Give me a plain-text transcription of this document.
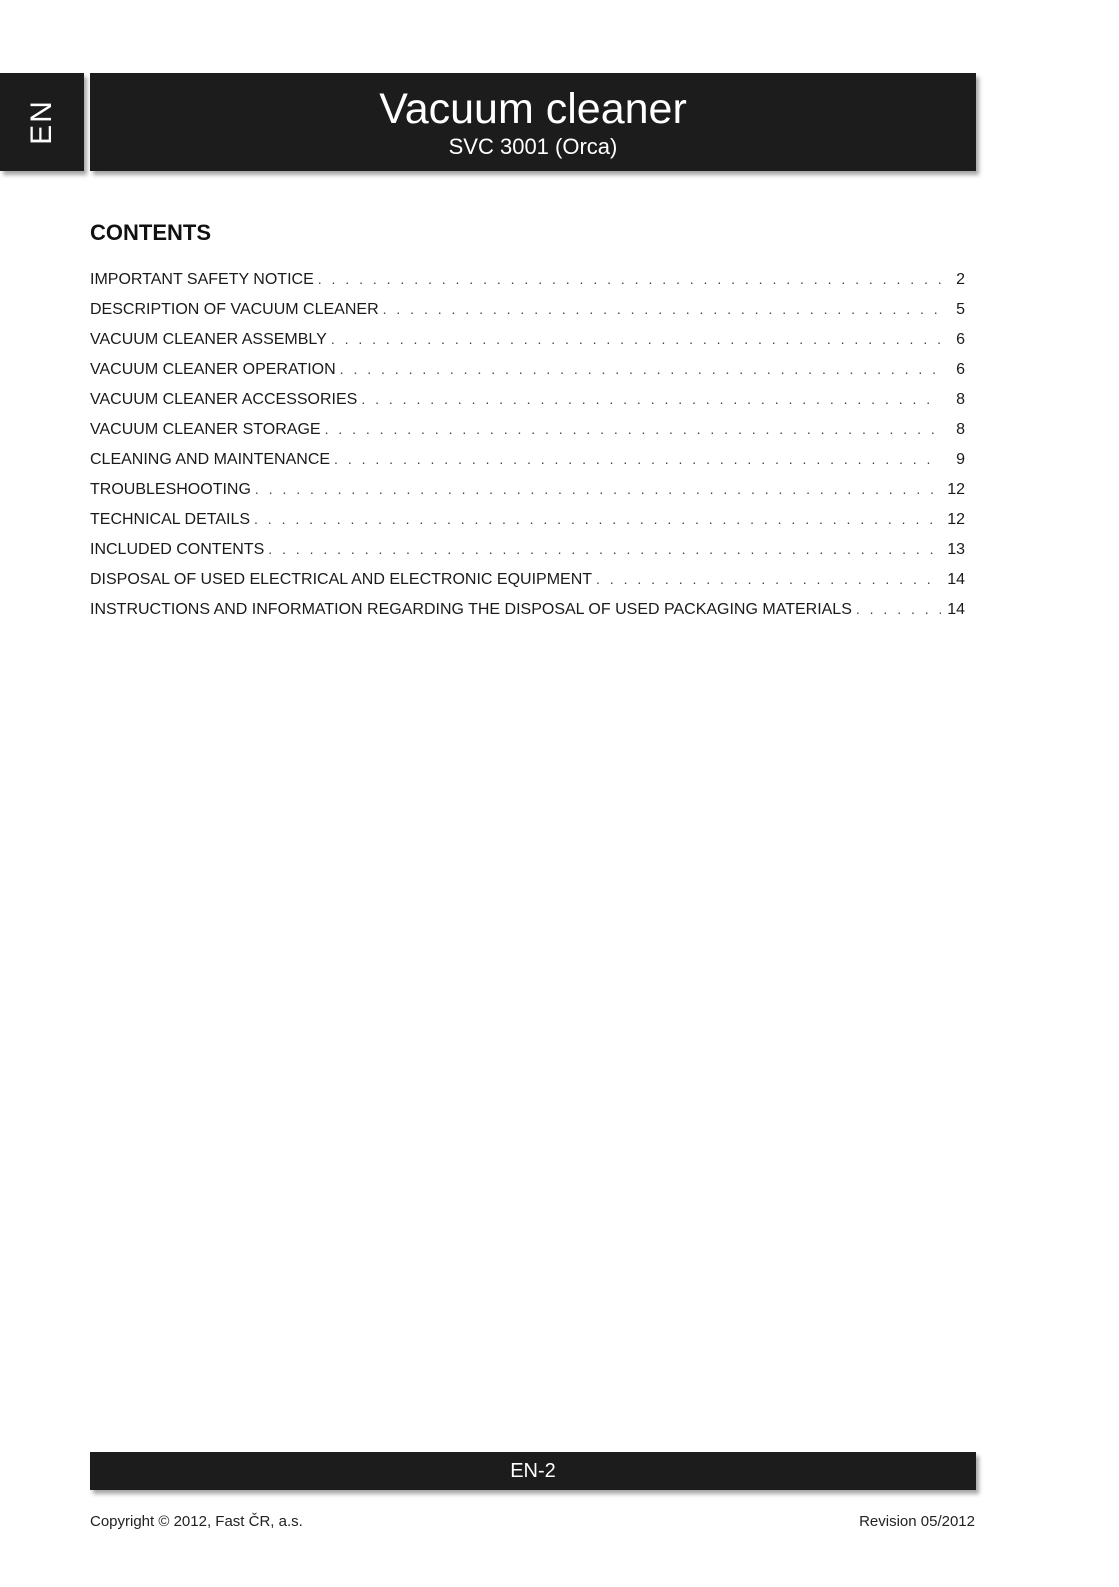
EN	Vacuum cleaner
SVC 3001 (Orca)
CONTENTS
IMPORTANT SAFETY NOTICE . . .	2
DESCRIPTION OF VACUUM CLEANER . . .	5
VACUUM CLEANER ASSEMBLY . . .	6
VACUUM CLEANER OPERATION . . .	6
VACUUM CLEANER ACCESSORIES . . .	8
VACUUM CLEANER STORAGE . . .	8
CLEANING AND MAINTENANCE . . .	9
TROUBLESHOOTING . . .	12
TECHNICAL DETAILS . . .	12
INCLUDED CONTENTS . . .	13
DISPOSAL OF USED ELECTRICAL AND ELECTRONIC EQUIPMENT . . .	14
INSTRUCTIONS AND INFORMATION REGARDING THE DISPOSAL OF USED PACKAGING MATERIALS . . .	14
EN-2
Copyright © 2012, Fast ČR, a.s.	Revision 05/2012
